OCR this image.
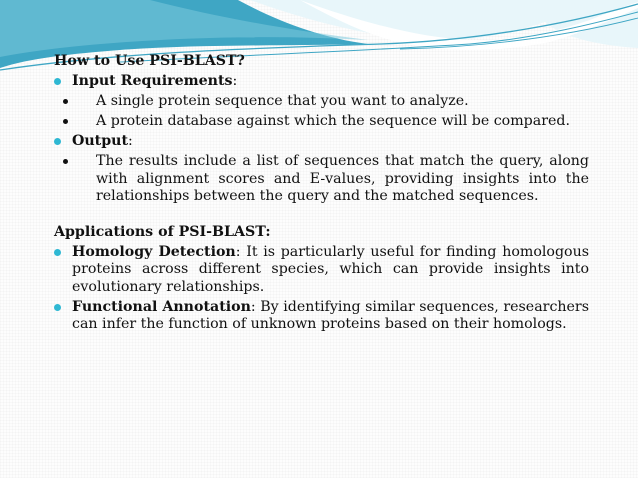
How to Use PSI-BLAST?

Input Requirements:
A single protein sequence that you want to analyze.
A protein database against which the sequence will be compared.
Output:
The results include a list of sequences that match the query, along with alignment scores and E-values, providing insights into the relationships between the query and the matched sequences.

Applications of PSI-BLAST:

Homology Detection: It is particularly useful for finding homologous proteins across different species, which can provide insights into evolutionary relationships.
Functional Annotation: By identifying similar sequences, researchers can infer the function of unknown proteins based on their homologs.
